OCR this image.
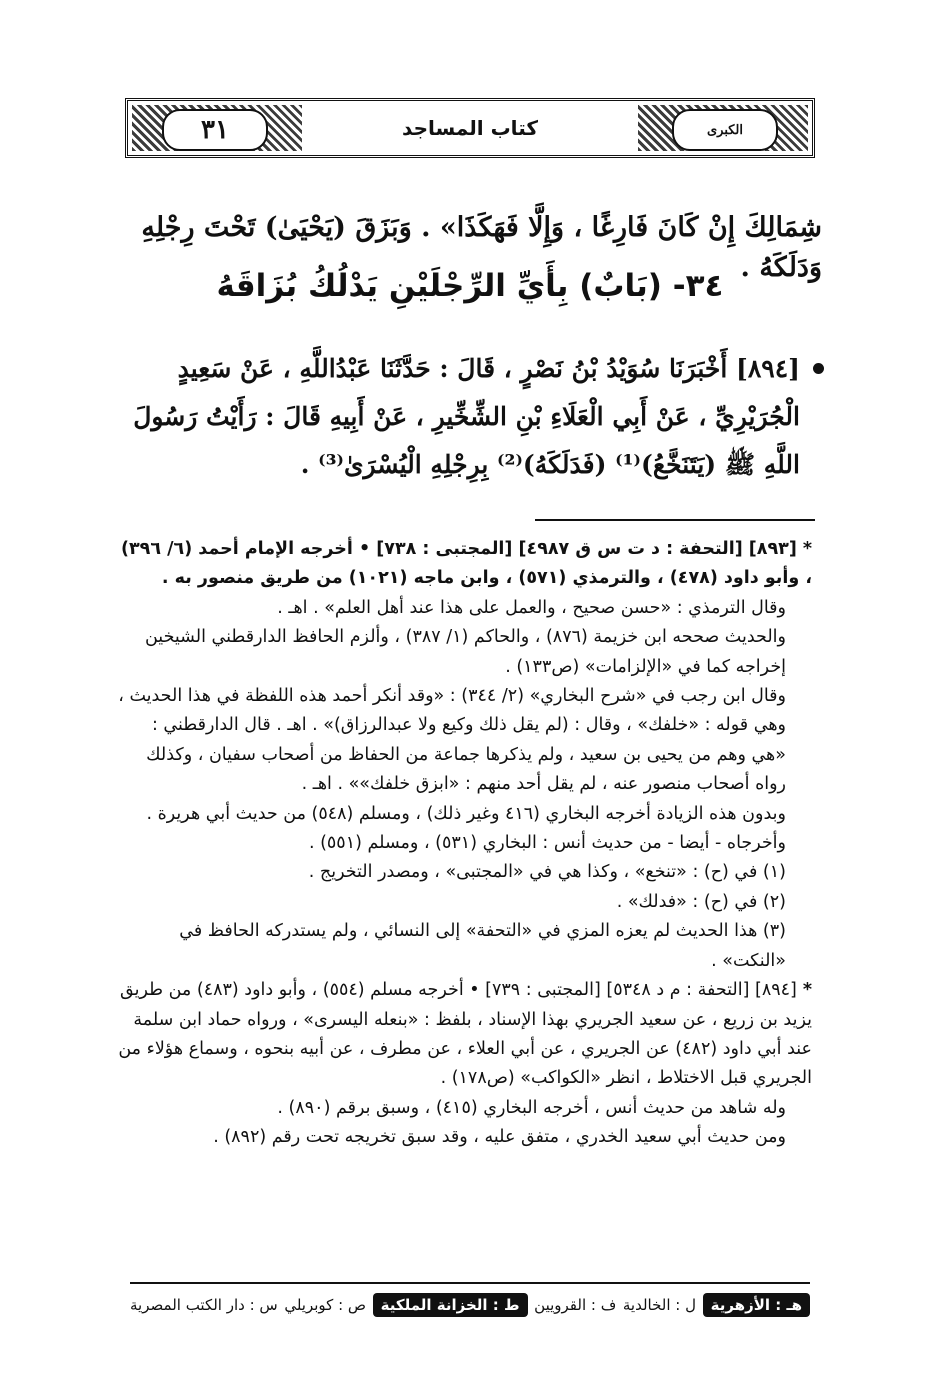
٣١	كتاب المساجد	الكبرى
شِمَالِكَ إِنْ كَانَ فَارِغًا ، وَإِلَّا فَهَكَذَا» . وَبَزَقَ (يَحْيَىٰ) تَحْتَ رِجْلِهِ وَدَلَكَهُ .
٣٤- (بَابٌ) بِأَيِّ الرِّجْلَيْنِ يَدْلُكُ بُزَاقَهُ
[٨٩٤] أَخْبَرَنَا سُوَيْدُ بْنُ نَصْرٍ ، قَالَ : حَدَّثَنَا عَبْدُاللَّهِ ، عَنْ سَعِيدٍ الْجُرَيْرِيِّ ، عَنْ أَبِي الْعَلَاءِ بْنِ الشِّخِّيرِ ، عَنْ أَبِيهِ قَالَ : رَأَيْتُ رَسُولَ اللَّهِ ﷺ (يَتَنَخَّعُ)⁽¹⁾ (فَدَلَكَهُ)⁽²⁾ بِرِجْلِهِ الْيُسْرَىٰ⁽³⁾ .

*[٨٩٣] [التحفة : د ت س ق ٤٩٨٧] [المجتبى : ٧٣٨] • أخرجه الإمام أحمد (٦/ ٣٩٦) ، وأبو داود (٤٧٨) ، والترمذي (٥٧١) ، وابن ماجه (١٠٢١) من طريق منصور به .

وقال الترمذي : «حسن صحيح ، والعمل على هذا عند أهل العلم» . اهـ .

والحديث صححه ابن خزيمة (٨٧٦) ، والحاكم (١/ ٣٨٧) ، وألزم الحافظ الدارقطني الشيخين إخراجه كما في «الإلزامات» (ص١٣٣) .

وقال ابن رجب في «شرح البخاري» (٢/ ٣٤٤) : «وقد أنكر أحمد هذه اللفظة في هذا الحديث ، وهي قوله : «خلفك» ، وقال : (لم يقل ذلك وكيع ولا عبدالرزاق)» . اهـ . قال الدارقطني : «هي وهم من يحيى بن سعيد ، ولم يذكرها جماعة من الحفاظ من أصحاب سفيان ، وكذلك رواه أصحاب منصور عنه ، لم يقل أحد منهم : «ابزق خلفك»» . اهـ .

وبدون هذه الزيادة أخرجه البخاري (٤١٦ وغير ذلك) ، ومسلم (٥٤٨) من حديث أبي هريرة . وأخرجاه - أيضا - من حديث أنس : البخاري (٥٣١) ، ومسلم (٥٥١) .

(١) في (ح) : «تنخع» ، وكذا هي في «المجتبى» ، ومصدر التخريج .

(٢) في (ح) : «فدلك» .

(٣) هذا الحديث لم يعزه المزي في «التحفة» إلى النسائي ، ولم يستدركه الحافظ في «النكت» .

*[٨٩٤] [التحفة : م د ٥٣٤٨] [المجتبى : ٧٣٩] • أخرجه مسلم (٥٥٤) ، وأبو داود (٤٨٣) من طريق يزيد بن زريع ، عن سعيد الجريري بهذا الإسناد ، بلفظ : «بنعله اليسرى» ، ورواه حماد ابن سلمة عند أبي داود (٤٨٢) عن الجريري ، عن أبي العلاء ، عن مطرف ، عن أبيه بنحوه ، وسماع هؤلاء من الجريري قبل الاختلاط ، انظر «الكواكب» (ص١٧٨) .

وله شاهد من حديث أنس ، أخرجه البخاري (٤١٥) ، وسبق برقم (٨٩٠) .

ومن حديث أبي سعيد الخدري ، متفق عليه ، وقد سبق تخريجه تحت رقم (٨٩٢) .

س : دار الكتب المصرية ص : كوبريلي ط : الخزانة الملكية ف : القرويين ل : الخالدية هـ : الأزهرية
